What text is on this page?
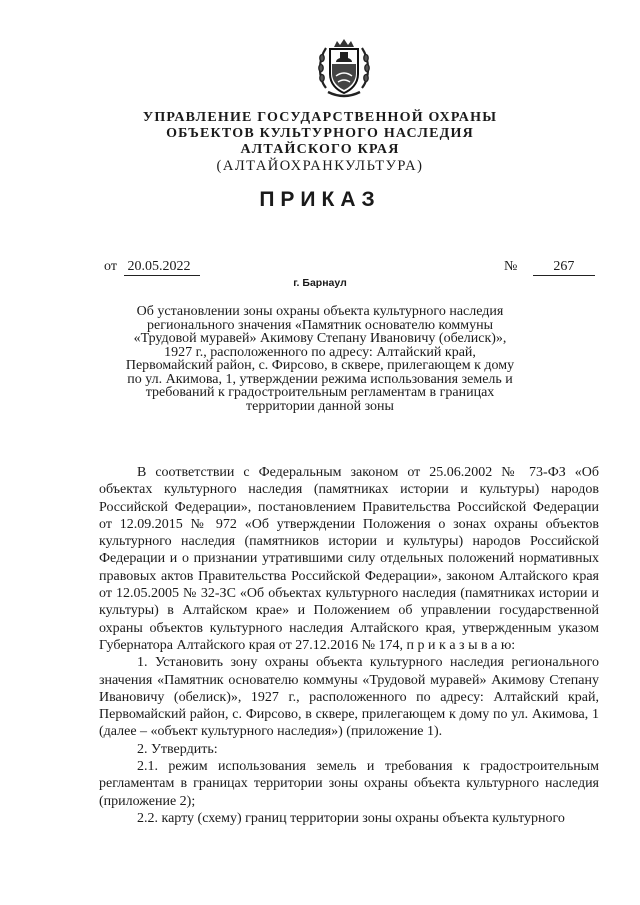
УПРАВЛЕНИЕ ГОСУДАРСТВЕННОЙ ОХРАНЫ
ОБЪЕКТОВ КУЛЬТУРНОГО НАСЛЕДИЯ
АЛТАЙСКОГО КРАЯ
(АЛТАЙОХРАНКУЛЬТУРА)
ПРИКАЗ
от 20.05.2022	№	267
г. Барнаул
Об установлении зоны охраны объекта культурного наследия регионального значения «Памятник основателю коммуны «Трудовой муравей» Акимову Степану Ивановичу (обелиск)», 1927 г., расположенного по адресу: Алтайский край, Первомайский район, с. Фирсово, в сквере, прилегающем к дому по ул. Акимова, 1, утверждении режима использования земель и требований к градостроительным регламентам в границах территории данной зоны

В соответствии с Федеральным законом от 25.06.2002 № 73-ФЗ «Об объектах культурного наследия (памятниках истории и культуры) народов Российской Федерации», постановлением Правительства Российской Федерации от 12.09.2015 № 972 «Об утверждении Положения о зонах охраны объектов культурного наследия (памятников истории и культуры) народов Российской Федерации и о признании утратившими силу отдельных положений нормативных правовых актов Правительства Российской Федерации», законом Алтайского края от 12.05.2005 № 32-ЗС «Об объектах культурного наследия (памятниках истории и культуры) в Алтайском крае» и Положением об управлении государственной охраны объектов культурного наследия Алтайского края, утвержденным указом Губернатора Алтайского края от 27.12.2016 № 174, п р и к а з ы в а ю:

1. Установить зону охраны объекта культурного наследия регионального значения «Памятник основателю коммуны «Трудовой муравей» Акимову Степану Ивановичу (обелиск)», 1927 г., расположенного по адресу: Алтайский край, Первомайский район, с. Фирсово, в сквере, прилегающем к дому по ул. Акимова, 1 (далее – «объект культурного наследия») (приложение 1).

2. Утвердить:

2.1. режим использования земель и требования к градостроительным регламентам в границах территории зоны охраны объекта культурного наследия (приложение 2);

2.2. карту (схему) границ территории зоны охраны объекта культурного
